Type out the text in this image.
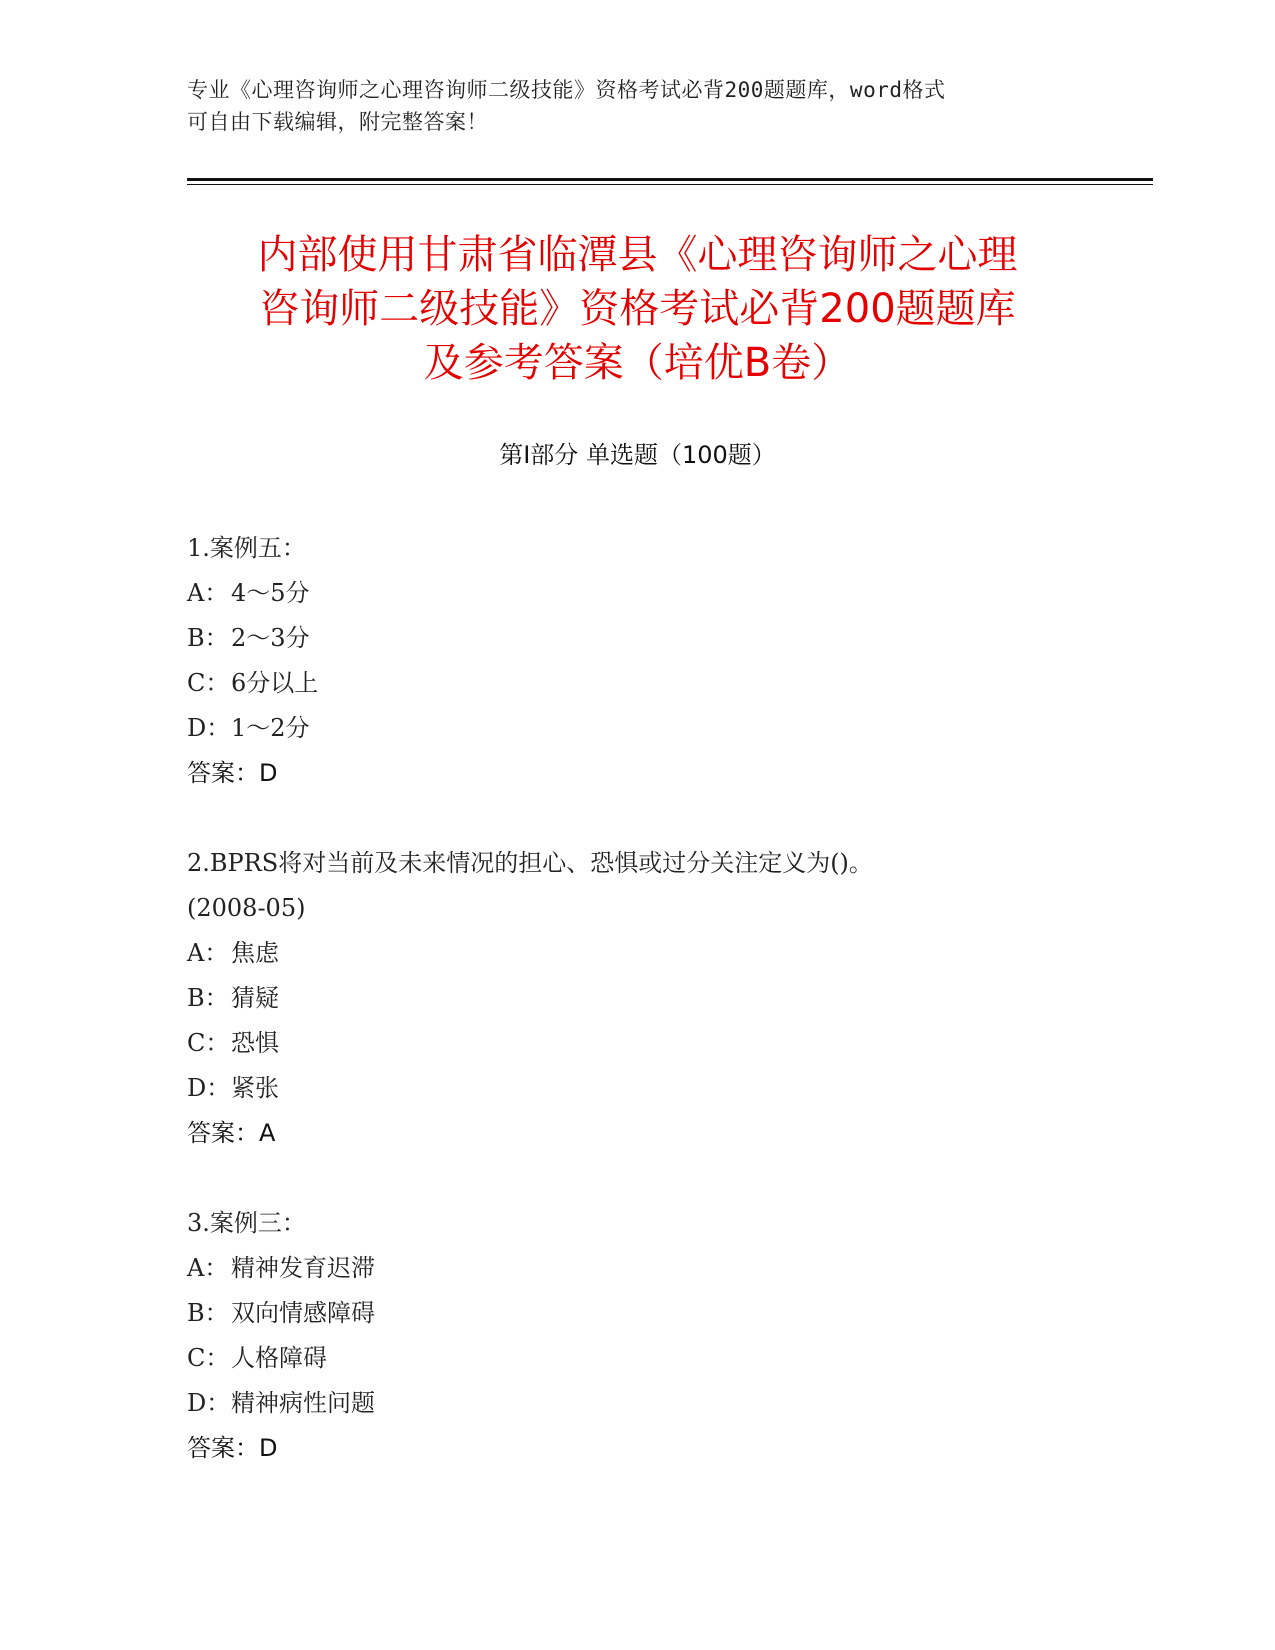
专业《心理咨询师之心理咨询师二级技能》资格考试必背200题题库，word格式
可自由下载编辑，附完整答案！
内部使用甘肃省临潭县《心理咨询师之心理
咨询师二级技能》资格考试必背200题题库
及参考答案（培优B卷）
第Ⅰ部分 单选题（100题）
1.案例五：
A： 4～5分
B：2～3分
C：6分以上
D：1～2分
答案：D
2.BPRS将对当前及未来情况的担心、恐惧或过分关注定义为()。
(2008-05)
A： 焦虑
B：猜疑
C：恐惧
D：紧张
答案：A
3.案例三：
A： 精神发育迟滞
B：双向情感障碍
C：人格障碍
D：精神病性问题
答案：D
